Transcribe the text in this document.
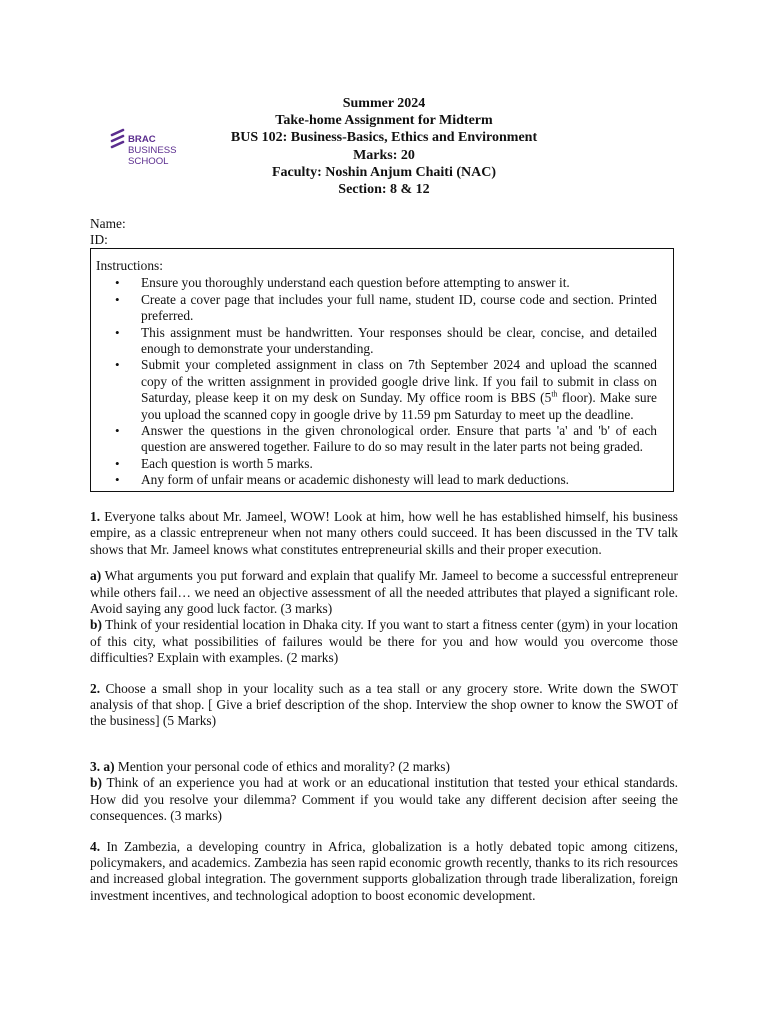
BRAC
BUSINESS
SCHOOL
Summer 2024
Take-home Assignment for Midterm
BUS 102: Business-Basics, Ethics and Environment
Marks: 20
Faculty: Noshin Anjum Chaiti (NAC)
Section: 8 & 12
Name:
ID:
Instructions:
• Ensure you thoroughly understand each question before attempting to answer it.
• Create a cover page that includes your full name, student ID, course code and section. Printed preferred.
• This assignment must be handwritten. Your responses should be clear, concise, and detailed enough to demonstrate your understanding.
• Submit your completed assignment in class on 7th September 2024 and upload the scanned copy of the written assignment in provided google drive link. If you fail to submit in class on Saturday, please keep it on my desk on Sunday. My office room is BBS (5th floor). Make sure you upload the scanned copy in google drive by 11.59 pm Saturday to meet up the deadline.
• Answer the questions in the given chronological order. Ensure that parts 'a' and 'b' of each question are answered together. Failure to do so may result in the later parts not being graded.
• Each question is worth 5 marks.
• Any form of unfair means or academic dishonesty will lead to mark deductions.

1. Everyone talks about Mr. Jameel, WOW! Look at him, how well he has established himself, his business empire, as a classic entrepreneur when not many others could succeed. It has been discussed in the TV talk shows that Mr. Jameel knows what constitutes entrepreneurial skills and their proper execution.

a) What arguments you put forward and explain that qualify Mr. Jameel to become a successful entrepreneur while others fail… we need an objective assessment of all the needed attributes that played a significant role. Avoid saying any good luck factor. (3 marks)

b) Think of your residential location in Dhaka city. If you want to start a fitness center (gym) in your location of this city, what possibilities of failures would be there for you and how would you overcome those difficulties? Explain with examples. (2 marks)

2. Choose a small shop in your locality such as a tea stall or any grocery store. Write down the SWOT analysis of that shop. [ Give a brief description of the shop. Interview the shop owner to know the SWOT of the business] (5 Marks)

3. a) Mention your personal code of ethics and morality? (2 marks)

b) Think of an experience you had at work or an educational institution that tested your ethical standards. How did you resolve your dilemma? Comment if you would take any different decision after seeing the consequences. (3 marks)

4. In Zambezia, a developing country in Africa, globalization is a hotly debated topic among citizens, policymakers, and academics. Zambezia has seen rapid economic growth recently, thanks to its rich resources and increased global integration. The government supports globalization through trade liberalization, foreign investment incentives, and technological adoption to boost economic development.
